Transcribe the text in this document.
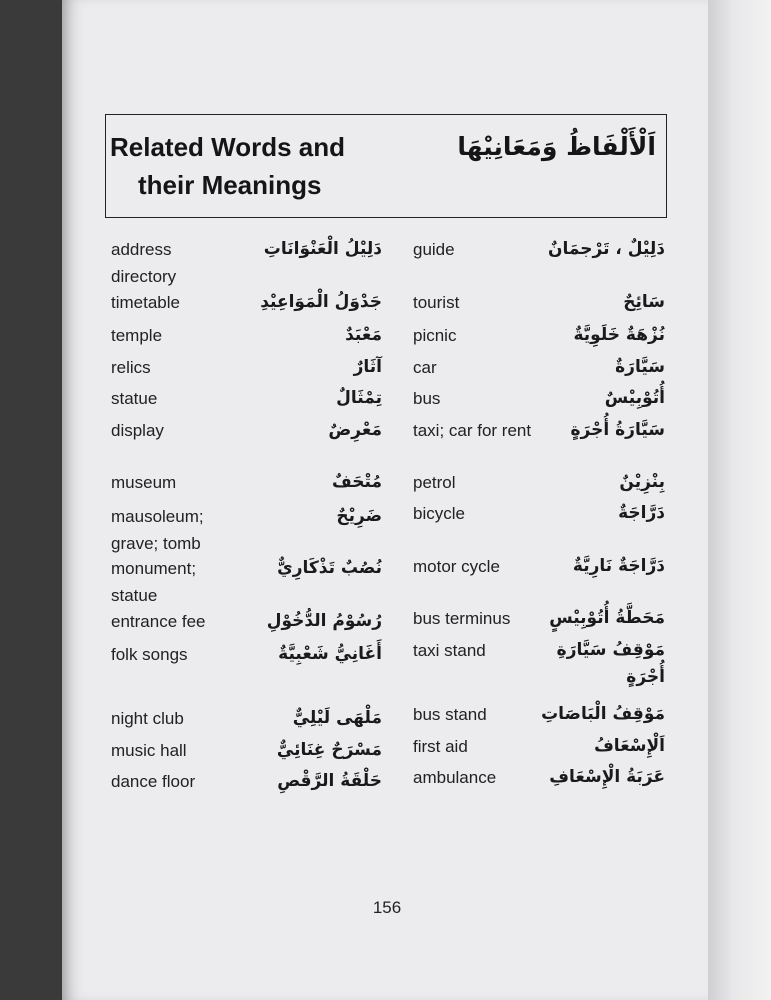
Related Words and
their Meanings
اَلْأَلْفَاظُ وَمَعَانِيْهَا
address directory
timetable
temple
relics
statue
display
museum
mausoleum; grave; tomb
monument; statue
entrance fee
folk songs
night club
music hall
dance floor
دَلِيْلُ الْعَنْوَانَاتِ
جَدْوَلُ الْمَوَاعِيْدِ
مَعْبَدٌ
آثَارٌ
تِمْثَالٌ
مَعْرِضٌ
مُتْحَفٌ
ضَرِيْحٌ
نُصُبٌ تَذْكَارِيٌّ
رُسُوْمُ الدُّخُوْلِ
أَغَانِيُّ شَعْبِيَّةٌ
مَلْهَى لَيْلِيٌّ
مَسْرَحٌ غِنَائِيٌّ
حَلْقَةُ الرَّقْصِ
guide
tourist
picnic
car
bus
taxi; car for rent
petrol
bicycle
motor cycle
bus terminus
taxi stand
bus stand
first aid
ambulance
دَلِيْلٌ ، تَرْجمَانٌ
سَائِحٌ
نُزْهَةٌ خَلَوِيَّةٌ
سَيَّارَةٌ
أُتُوْبِيْسٌ
سَيَّارَةُ أُجْرَةٍ
بِنْزِيْنٌ
دَرَّاجَةٌ
دَرَّاجَةٌ نَارِيَّةٌ
مَحَطَّةُ أُتُوْبِيْسٍ
مَوْقِفُ سَيَّارَةِ أُجْرَةٍ
مَوْقِفُ الْبَاصَاتِ
اَلْإِسْعَافُ
عَرَبَةُ الْإِسْعَافِ
156
